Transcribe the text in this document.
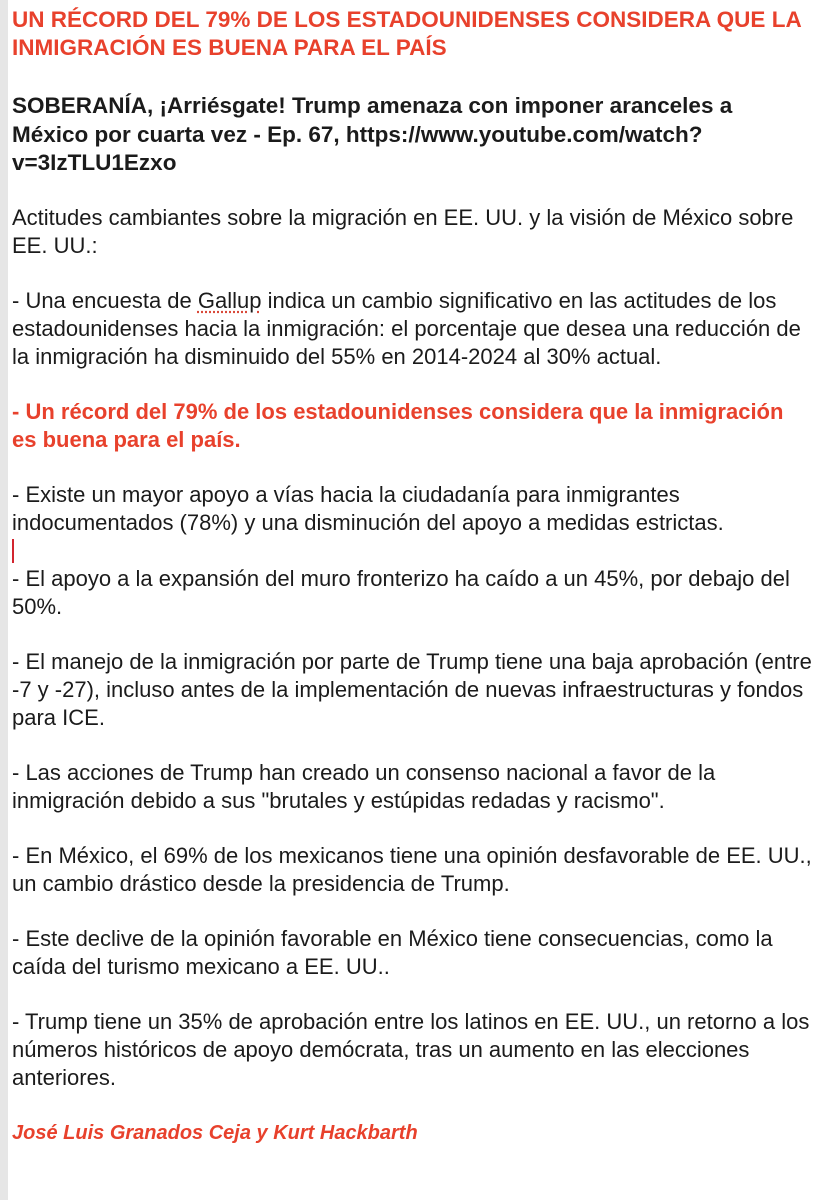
UN RÉCORD DEL 79% DE LOS ESTADOUNIDENSES CONSIDERA QUE LA INMIGRACIÓN ES BUENA PARA EL PAÍS

SOBERANÍA, ¡Arriésgate! Trump amenaza con imponer aranceles a México por cuarta vez - Ep. 67, https://www.youtube.com/watch?v=3IzTLU1Ezxo

Actitudes cambiantes sobre la migración en EE. UU. y la visión de México sobre EE. UU.:

- Una encuesta de Gallup indica un cambio significativo en las actitudes de los estadounidenses hacia la inmigración: el porcentaje que desea una reducción de la inmigración ha disminuido del 55% en 2014-2024 al 30% actual.

- Un récord del 79% de los estadounidenses considera que la inmigración es buena para el país.

- Existe un mayor apoyo a vías hacia la ciudadanía para inmigrantes indocumentados (78%) y una disminución del apoyo a medidas estrictas.

- El apoyo a la expansión del muro fronterizo ha caído a un 45%, por debajo del 50%.

- El manejo de la inmigración por parte de Trump tiene una baja aprobación (entre -7 y -27), incluso antes de la implementación de nuevas infraestructuras y fondos para ICE.

- Las acciones de Trump han creado un consenso nacional a favor de la inmigración debido a sus "brutales y estúpidas redadas y racismo".

- En México, el 69% de los mexicanos tiene una opinión desfavorable de EE. UU., un cambio drástico desde la presidencia de Trump.

- Este declive de la opinión favorable en México tiene consecuencias, como la caída del turismo mexicano a EE. UU..

- Trump tiene un 35% de aprobación entre los latinos en EE. UU., un retorno a los números históricos de apoyo demócrata, tras un aumento en las elecciones anteriores.

José Luis Granados Ceja y Kurt Hackbarth
